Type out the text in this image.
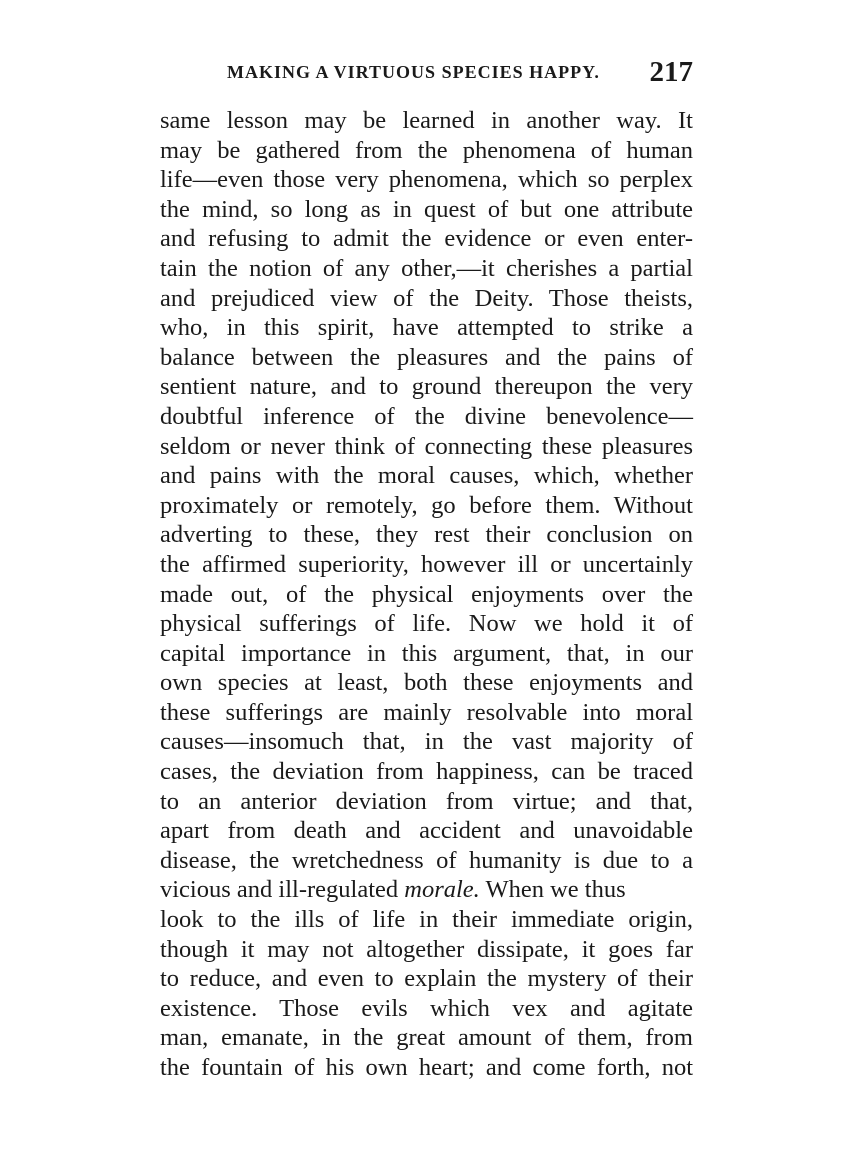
MAKING A VIRTUOUS SPECIES HAPPY. 217
same lesson may be learned in another way. It
may be gathered from the phenomena of human
life—even those very phenomena, which so perplex
the mind, so long as in quest of but one attribute
and refusing to admit the evidence or even enter-
tain the notion of any other,—it cherishes a partial
and prejudiced view of the Deity. Those theists,
who, in this spirit, have attempted to strike a
balance between the pleasures and the pains of
sentient nature, and to ground thereupon the very
doubtful inference of the divine benevolence—
seldom or never think of connecting these pleasures
and pains with the moral causes, which, whether
proximately or remotely, go before them. Without
adverting to these, they rest their conclusion on
the affirmed superiority, however ill or uncertainly
made out, of the physical enjoyments over the
physical sufferings of life. Now we hold it of
capital importance in this argument, that, in our
own species at least, both these enjoyments and
these sufferings are mainly resolvable into moral
causes—insomuch that, in the vast majority of
cases, the deviation from happiness, can be traced
to an anterior deviation from virtue; and that,
apart from death and accident and unavoidable
disease, the wretchedness of humanity is due to a
vicious and ill-regulated morale. When we thus
look to the ills of life in their immediate origin,
though it may not altogether dissipate, it goes far
to reduce, and even to explain the mystery of their
existence. Those evils which vex and agitate
man, emanate, in the great amount of them, from
the fountain of his own heart; and come forth, not
